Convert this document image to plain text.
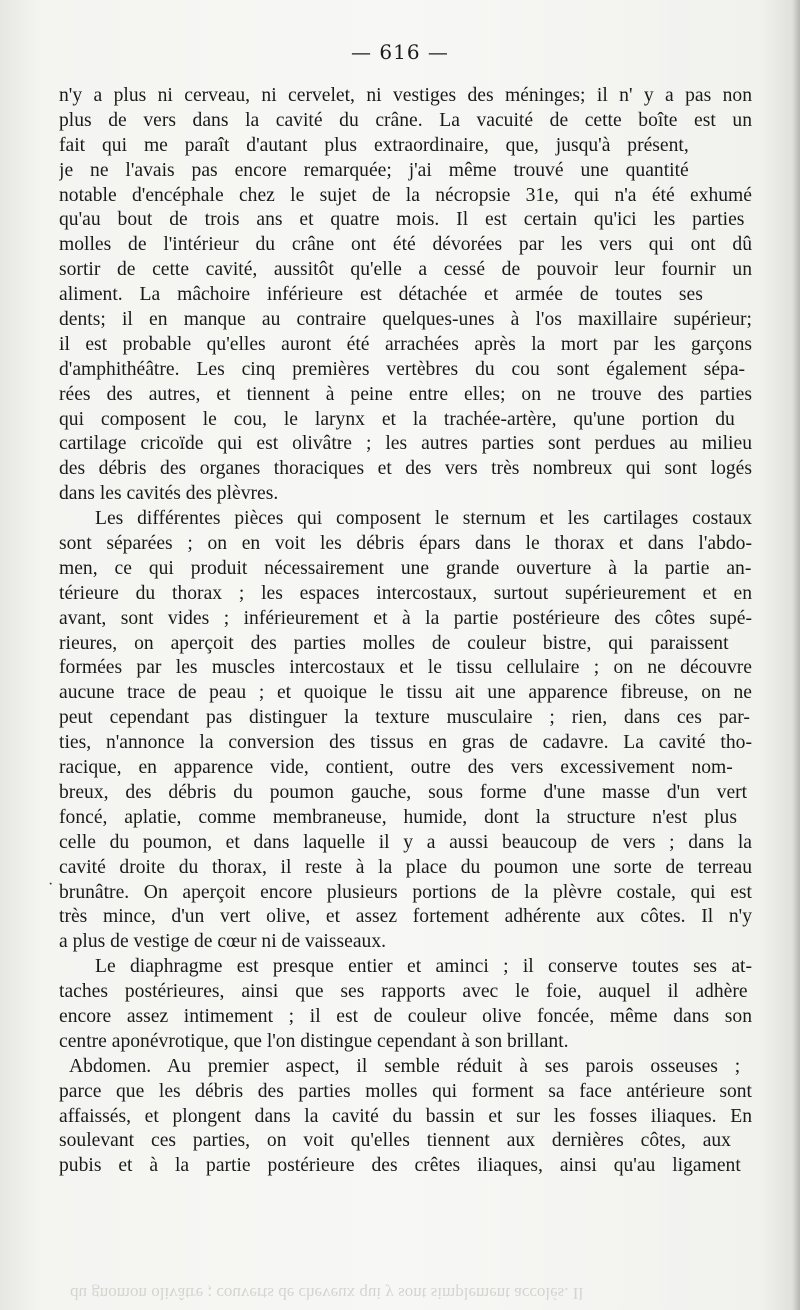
— 616 —
n'y a plus ni cerveau, ni cervelet, ni vestiges des méninges; il n' y a pas non
plus de vers dans la cavité du crâne. La vacuité de cette boîte est un
fait qui me paraît d'autant plus extraordinaire, que, jusqu'à présent,
je ne l'avais pas encore remarquée; j'ai même trouvé une quantité
notable d'encéphale chez le sujet de la nécropsie 31e, qui n'a été exhumé
qu'au bout de trois ans et quatre mois. Il est certain qu'ici les parties
molles de l'intérieur du crâne ont été dévorées par les vers qui ont dû
sortir de cette cavité, aussitôt qu'elle a cessé de pouvoir leur fournir un
aliment. La mâchoire inférieure est détachée et armée de toutes ses
dents; il en manque au contraire quelques-unes à l'os maxillaire supérieur;
il est probable qu'elles auront été arrachées après la mort par les garçons
d'amphithéâtre. Les cinq premières vertèbres du cou sont également sépa-
rées des autres, et tiennent à peine entre elles; on ne trouve des parties
qui composent le cou, le larynx et la trachée-artère, qu'une portion du
cartilage cricoïde qui est olivâtre ; les autres parties sont perdues au milieu
des débris des organes thoraciques et des vers très nombreux qui sont logés
dans les cavités des plèvres.
Les différentes pièces qui composent le sternum et les cartilages costaux
sont séparées ; on en voit les débris épars dans le thorax et dans l'abdo-
men, ce qui produit nécessairement une grande ouverture à la partie an-
térieure du thorax ; les espaces intercostaux, surtout supérieurement et en
avant, sont vides ; inférieurement et à la partie postérieure des côtes supé-
rieures, on aperçoit des parties molles de couleur bistre, qui paraissent
formées par les muscles intercostaux et le tissu cellulaire ; on ne découvre
aucune trace de peau ; et quoique le tissu ait une apparence fibreuse, on ne
peut cependant pas distinguer la texture musculaire ; rien, dans ces par-
ties, n'annonce la conversion des tissus en gras de cadavre. La cavité tho-
racique, en apparence vide, contient, outre des vers excessivement nom-
breux, des débris du poumon gauche, sous forme d'une masse d'un vert
foncé, aplatie, comme membraneuse, humide, dont la structure n'est plus
celle du poumon, et dans laquelle il y a aussi beaucoup de vers ; dans la
cavité droite du thorax, il reste à la place du poumon une sorte de terreau
brunâtre. On aperçoit encore plusieurs portions de la plèvre costale, qui est
très mince, d'un vert olive, et assez fortement adhérente aux côtes. Il n'y
a plus de vestige de cœur ni de vaisseaux.
Le diaphragme est presque entier et aminci ; il conserve toutes ses at-
taches postérieures, ainsi que ses rapports avec le foie, auquel il adhère
encore assez intimement ; il est de couleur olive foncée, même dans son
centre aponévrotique, que l'on distingue cependant à son brillant.
Abdomen. Au premier aspect, il semble réduit à ses parois osseuses ;
parce que les débris des parties molles qui forment sa face antérieure sont
affaissés, et plongent dans la cavité du bassin et sur les fosses iliaques. En
soulevant ces parties, on voit qu'elles tiennent aux dernières côtes, aux
pubis et à la partie postérieure des crêtes iliaques, ainsi qu'au ligament
·
du gnomon olivâtre ; couverts de cheveux qui y sont simplement accolés. Il
